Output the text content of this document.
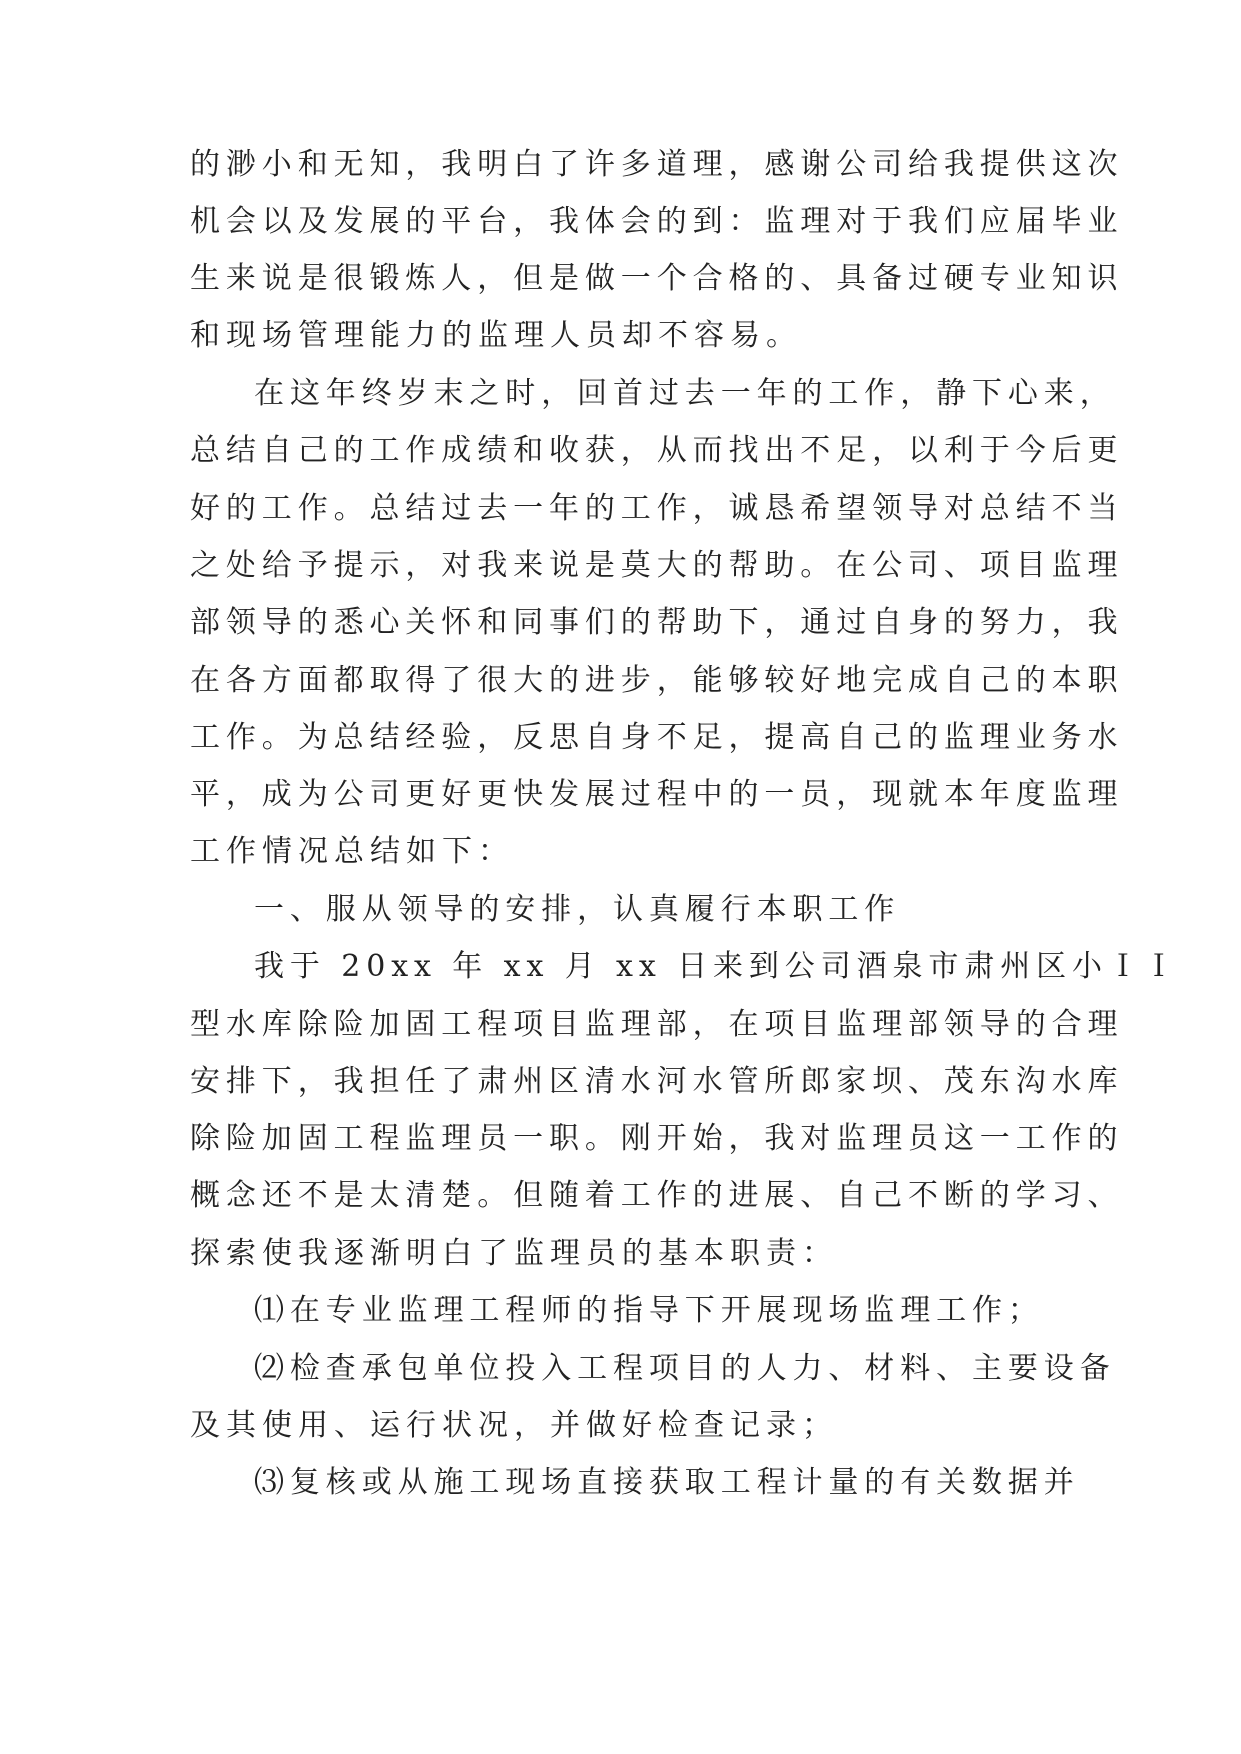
的渺小和无知，我明白了许多道理，感谢公司给我提供这次
机会以及发展的平台，我体会的到：监理对于我们应届毕业
生来说是很锻炼人，但是做一个合格的、具备过硬专业知识
和现场管理能力的监理人员却不容易。
在这年终岁末之时，回首过去一年的工作，静下心来，
总结自己的工作成绩和收获，从而找出不足，以利于今后更
好的工作。总结过去一年的工作，诚恳希望领导对总结不当
之处给予提示，对我来说是莫大的帮助。在公司、项目监理
部领导的悉心关怀和同事们的帮助下，通过自身的努力，我
在各方面都取得了很大的进步，能够较好地完成自己的本职
工作。为总结经验，反思自身不足，提高自己的监理业务水
平，成为公司更好更快发展过程中的一员，现就本年度监理
工作情况总结如下：
一、服从领导的安排，认真履行本职工作
我于 20xx 年 xx 月 xx 日来到公司酒泉市肃州区小ＩＩ
型水库除险加固工程项目监理部，在项目监理部领导的合理
安排下，我担任了肃州区清水河水管所郎家坝、茂东沟水库
除险加固工程监理员一职。刚开始，我对监理员这一工作的
概念还不是太清楚。但随着工作的进展、自己不断的学习、
探索使我逐渐明白了监理员的基本职责：
⑴在专业监理工程师的指导下开展现场监理工作；
⑵检查承包单位投入工程项目的人力、材料、主要设备
及其使用、运行状况，并做好检查记录；
⑶复核或从施工现场直接获取工程计量的有关数据并
